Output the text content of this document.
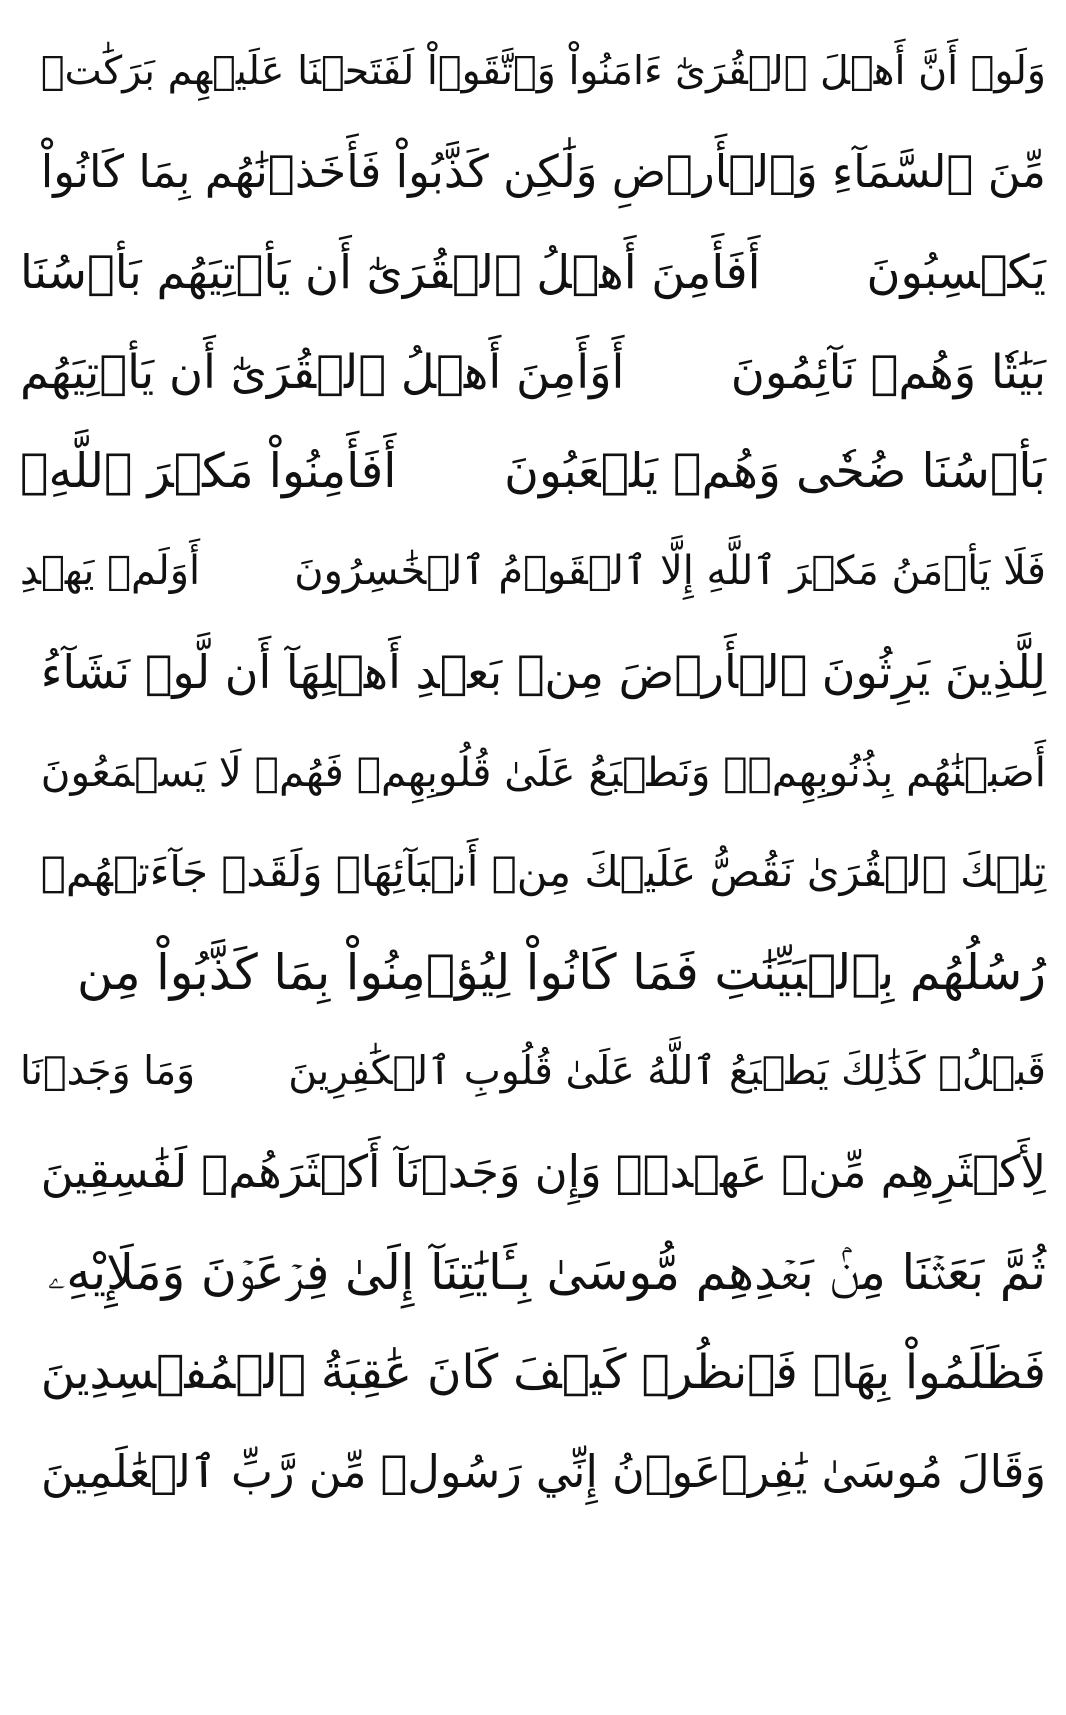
وَلَوۡ أَنَّ أَهۡلَ ٱلۡقُرَىٰٓ ءَامَنُواْ وَٱتَّقَوۡاْ لَفَتَحۡنَا عَلَيۡهِم بَرَكَٰتٖ
مِّنَ ٱلسَّمَآءِ وَٱلۡأَرۡضِ وَلَٰكِن كَذَّبُواْ فَأَخَذۡنَٰهُم بِمَا كَانُواْ
يَكۡسِبُونَ
أَفَأَمِنَ أَهۡلُ ٱلۡقُرَىٰٓ أَن يَأۡتِيَهُم بَأۡسُنَا
بَيَٰتٗا وَهُمۡ نَآئِمُونَ
أَوَأَمِنَ أَهۡلُ ٱلۡقُرَىٰٓ أَن يَأۡتِيَهُم
بَأۡسُنَا ضُحٗى وَهُمۡ يَلۡعَبُونَ
أَفَأَمِنُواْ مَكۡرَ ٱللَّهِۚ
فَلَا يَأۡمَنُ مَكۡرَ ٱللَّهِ إِلَّا ٱلۡقَوۡمُ ٱلۡخَٰسِرُونَ
أَوَلَمۡ يَهۡدِ
لِلَّذِينَ يَرِثُونَ ٱلۡأَرۡضَ مِنۢ بَعۡدِ أَهۡلِهَآ أَن لَّوۡ نَشَآءُ
أَصَبۡنَٰهُم بِذُنُوبِهِمۡۚ وَنَطۡبَعُ عَلَىٰ قُلُوبِهِمۡ فَهُمۡ لَا يَسۡمَعُونَ
تِلۡكَ ٱلۡقُرَىٰ نَقُصُّ عَلَيۡكَ مِنۡ أَنۢبَآئِهَاۚ وَلَقَدۡ جَآءَتۡهُمۡ
رُسُلُهُم بِٱلۡبَيِّنَٰتِ فَمَا كَانُواْ لِيُؤۡمِنُواْ بِمَا كَذَّبُواْ مِن
قَبۡلُۚ كَذَٰلِكَ يَطۡبَعُ ٱللَّهُ عَلَىٰ قُلُوبِ ٱلۡكَٰفِرِينَ
وَمَا وَجَدۡنَا
لِأَكۡثَرِهِم مِّنۡ عَهۡدٖۖ وَإِن وَجَدۡنَآ أَكۡثَرَهُمۡ لَفَٰسِقِينَ
ثُمَّ بَعَثۡنَا مِنۢ بَعۡدِهِم مُّوسَىٰ بِـَٔايَٰتِنَآ إِلَىٰ فِرۡعَوۡنَ وَمَلَإِيْهِۦ
فَظَلَمُواْ بِهَاۖ فَٱنظُرۡ كَيۡفَ كَانَ عَٰقِبَةُ ٱلۡمُفۡسِدِينَ
وَقَالَ مُوسَىٰ يَٰفِرۡعَوۡنُ إِنِّي رَسُولٞ مِّن رَّبِّ ٱلۡعَٰلَمِينَ
